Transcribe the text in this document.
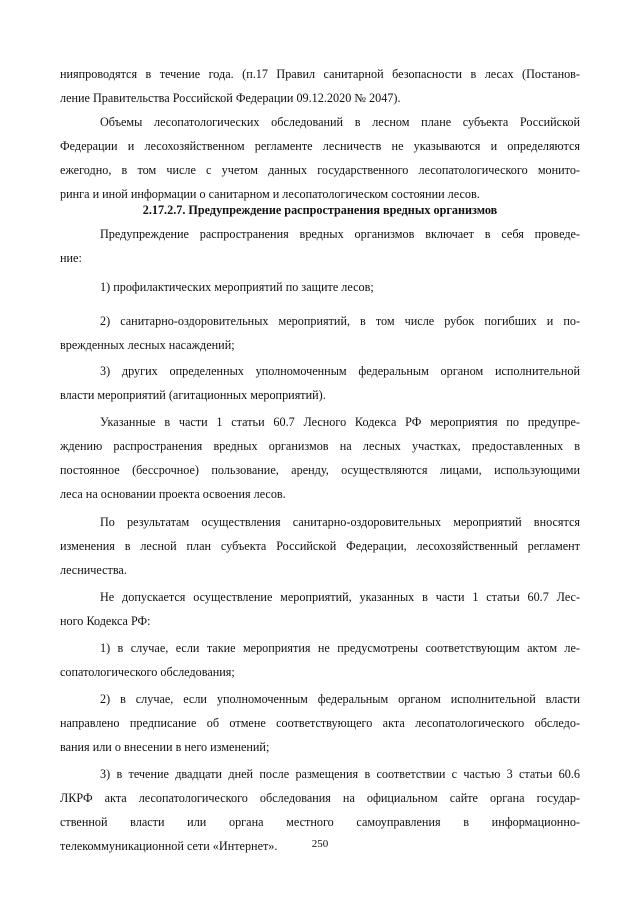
нияпроводятся в течение года. (п.17 Правил санитарной безопасности в лесах (Постанов-
ление Правительства Российской Федерации 09.12.2020 № 2047).
Объемы лесопатологических обследований в лесном плане субъекта Российской
Федерации и лесохозяйственном регламенте лесничеств не указываются и определяются
ежегодно, в том числе с учетом данных государственного лесопатологического монито-
ринга и иной информации о санитарном и лесопатологическом состоянии лесов.
2.17.2.7. Предупреждение распространения вредных организмов
Предупреждение распространения вредных организмов включает в себя проведе-
ние:
1) профилактических мероприятий по защите лесов;
2) санитарно-оздоровительных мероприятий, в том числе рубок погибших и по-
врежденных лесных насаждений;
3) других определенных уполномоченным федеральным органом исполнительной
власти мероприятий (агитационных мероприятий).
Указанные в части 1 статьи 60.7 Лесного Кодекса РФ мероприятия по предупре-
ждению распространения вредных организмов на лесных участках, предоставленных в
постоянное (бессрочное) пользование, аренду, осуществляются лицами, использующими
леса на основании проекта освоения лесов.
По результатам осуществления санитарно-оздоровительных мероприятий вносятся
изменения в лесной план субъекта Российской Федерации, лесохозяйственный регламент
лесничества.
Не допускается осуществление мероприятий, указанных в части 1 статьи 60.7 Лес-
ного Кодекса РФ:
1) в случае, если такие мероприятия не предусмотрены соответствующим актом ле-
сопатологического обследования;
2) в случае, если уполномоченным федеральным органом исполнительной власти
направлено предписание об отмене соответствующего акта лесопатологического обследо-
вания или о внесении в него изменений;
3) в течение двадцати дней после размещения в соответствии с частью 3 статьи 60.6
ЛКРФ акта лесопатологического обследования на официальном сайте органа государ-
ственной власти или органа местного самоуправления в информационно-
телекоммуникационной сети «Интернет».	250
